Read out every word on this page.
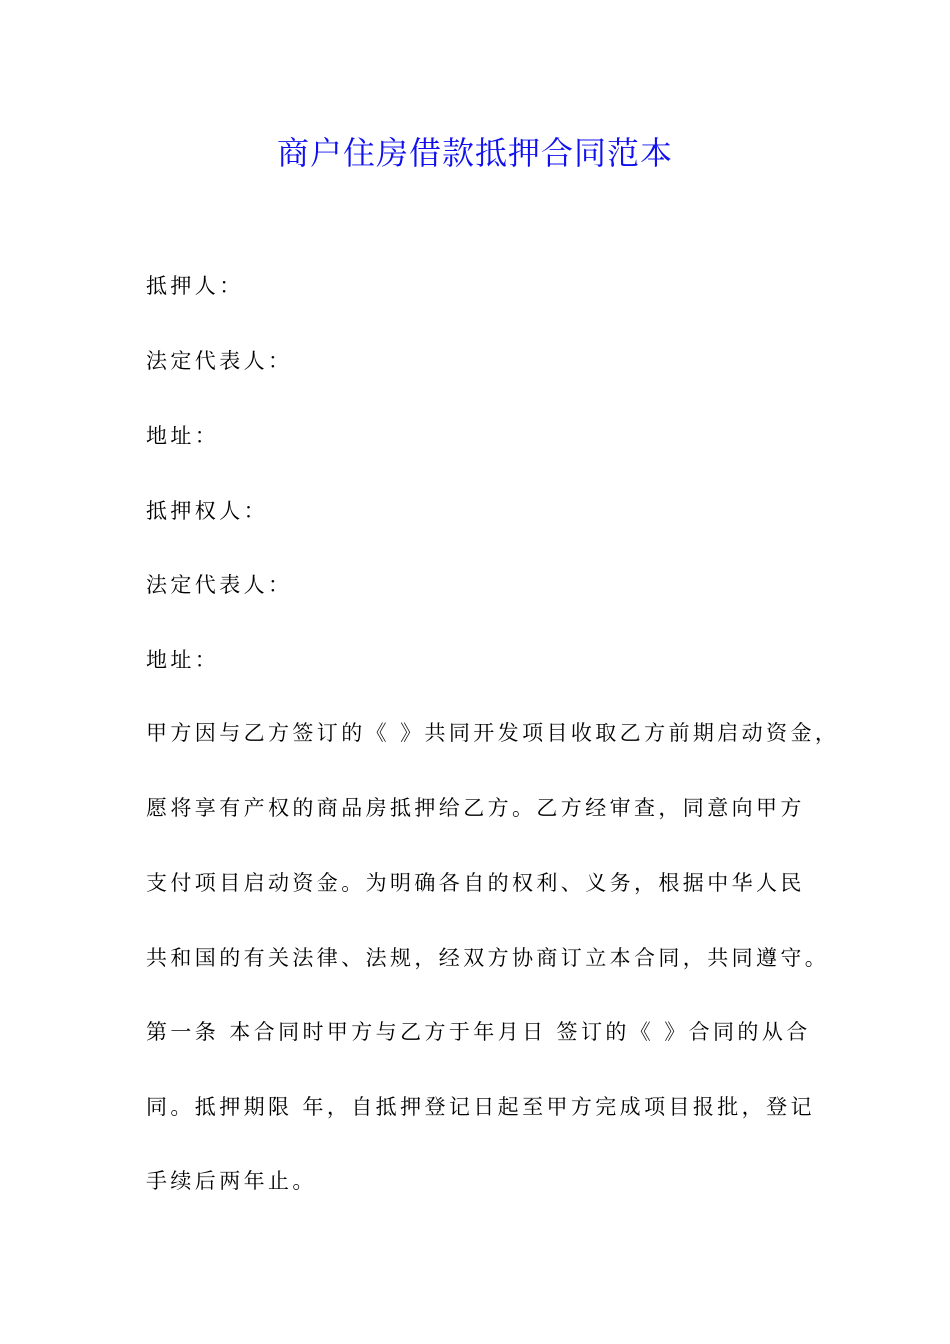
商户住房借款抵押合同范本
抵押人：
法定代表人：
地址：
抵押权人：
法定代表人：
地址：
甲方因与乙方签订的《 》共同开发项目收取乙方前期启动资金，
愿将享有产权的商品房抵押给乙方。乙方经审查，同意向甲方
支付项目启动资金。为明确各自的权利、义务，根据中华人民
共和国的有关法律、法规，经双方协商订立本合同，共同遵守。
第一条 本合同时甲方与乙方于年月日 签订的《 》合同的从合
同。抵押期限 年，自抵押登记日起至甲方完成项目报批，登记
手续后两年止。
